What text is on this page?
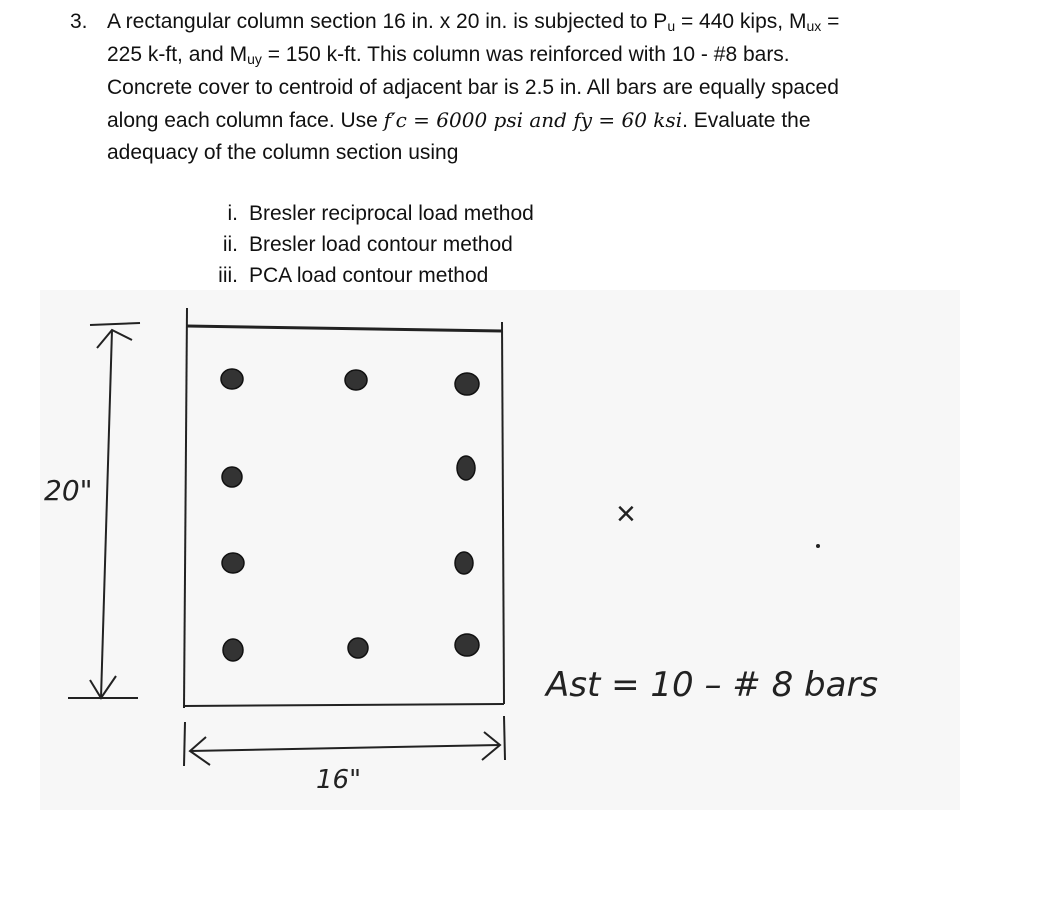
3. A rectangular column section 16 in. x 20 in. is subjected to Pu = 440 kips, Mux =
225 k-ft, and Muy = 150 k-ft. This column was reinforced with 10 - #8 bars.
Concrete cover to centroid of adjacent bar is 2.5 in. All bars are equally spaced
along each column face. Use f′c = 6000 psi and fy = 60 ksi. Evaluate the
adequacy of the column section using
i. Bresler reciprocal load method
ii. Bresler load contour method
iii. PCA load contour method
20"
16"
×
Ast = 10 – # 8 bars
